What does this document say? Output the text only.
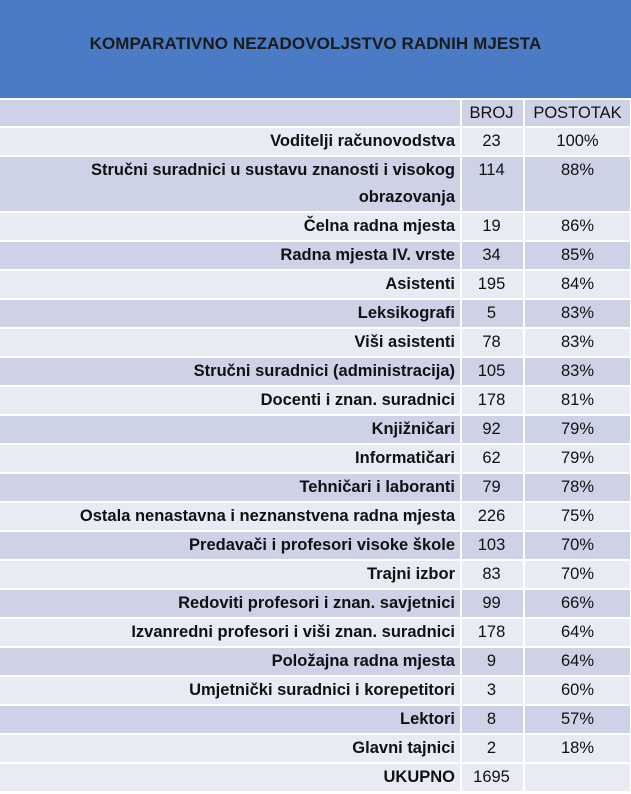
KOMPARATIVNO NEZADOVOLJSTVO RADNIH MJESTA
	BROJ	POSTOTAK
Voditelji računovodstva	23	100%
Stručni suradnici u sustavu znanosti i visokog obrazovanja	114	88%
Čelna radna mjesta	19	86%
Radna mjesta IV. vrste	34	85%
Asistenti	195	84%
Leksikografi	5	83%
Viši asistenti	78	83%
Stručni suradnici (administracija)	105	83%
Docenti i znan. suradnici	178	81%
Knjižničari	92	79%
Informatičari	62	79%
Tehničari i laboranti	79	78%
Ostala nenastavna i neznanstvena radna mjesta	226	75%
Predavači i profesori visoke škole	103	70%
Trajni izbor	83	70%
Redoviti profesori i znan. savjetnici	99	66%
Izvanredni profesori i viši znan. suradnici	178	64%
Položajna radna mjesta	9	64%
Umjetnički suradnici i korepetitori	3	60%
Lektori	8	57%
Glavni tajnici	2	18%
UKUPNO	1695	
